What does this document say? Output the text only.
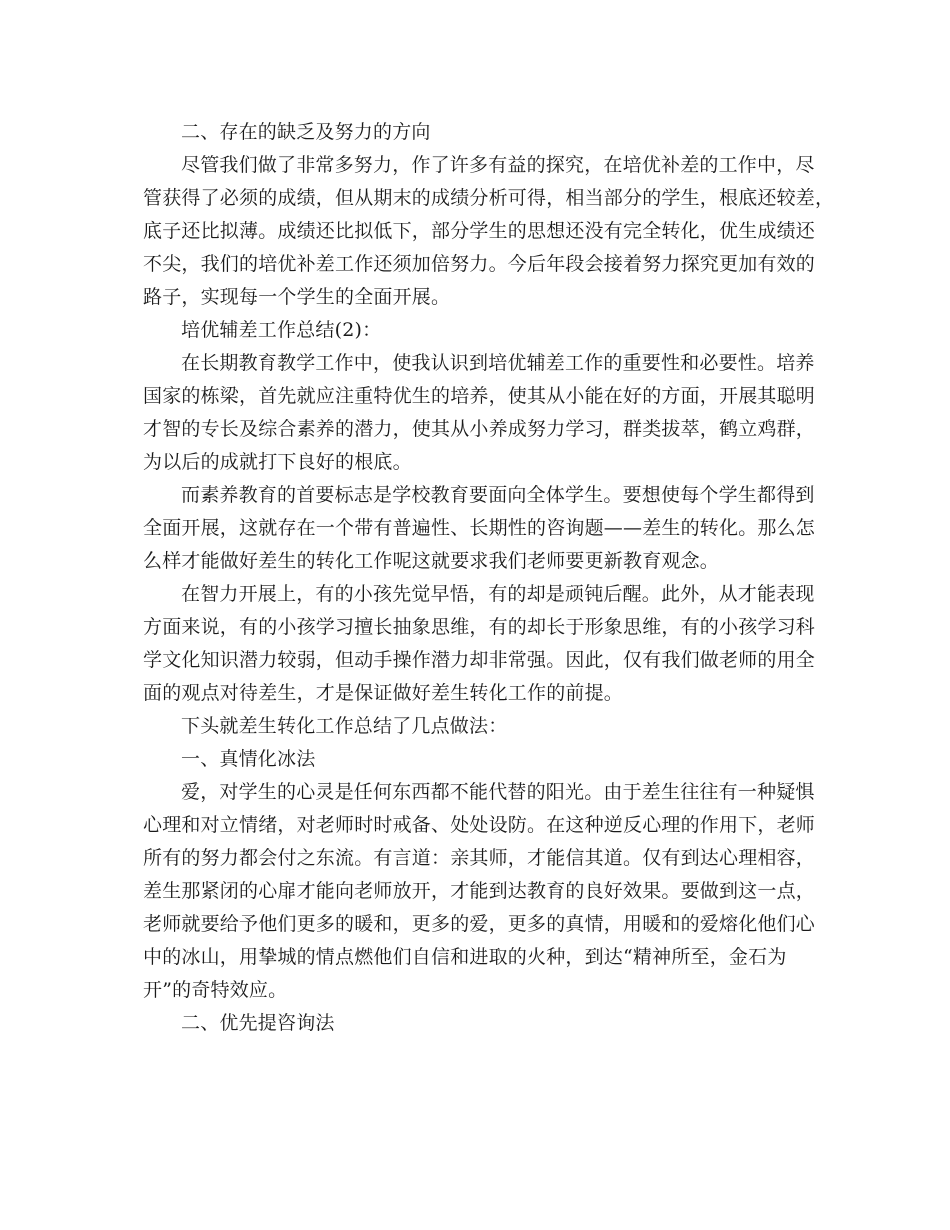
二、存在的缺乏及努力的方向
尽管我们做了非常多努力，作了许多有益的探究，在培优补差的工作中，尽
管获得了必须的成绩，但从期末的成绩分析可得，相当部分的学生，根底还较差，
底子还比拟薄。成绩还比拟低下，部分学生的思想还没有完全转化，优生成绩还
不尖，我们的培优补差工作还须加倍努力。今后年段会接着努力探究更加有效的
路子，实现每一个学生的全面开展。
培优辅差工作总结(2)：
在长期教育教学工作中，使我认识到培优辅差工作的重要性和必要性。培养
国家的栋梁，首先就应注重特优生的培养，使其从小能在好的方面，开展其聪明
才智的专长及综合素养的潜力，使其从小养成努力学习，群类拔萃，鹤立鸡群，
为以后的成就打下良好的根底。
而素养教育的首要标志是学校教育要面向全体学生。要想使每个学生都得到
全面开展，这就存在一个带有普遍性、长期性的咨询题——差生的转化。那么怎
么样才能做好差生的转化工作呢这就要求我们老师要更新教育观念。
在智力开展上，有的小孩先觉早悟，有的却是顽钝后醒。此外，从才能表现
方面来说，有的小孩学习擅长抽象思维，有的却长于形象思维，有的小孩学习科
学文化知识潜力较弱，但动手操作潜力却非常强。因此，仅有我们做老师的用全
面的观点对待差生，才是保证做好差生转化工作的前提。
下头就差生转化工作总结了几点做法：
一、真情化冰法
爱，对学生的心灵是任何东西都不能代替的阳光。由于差生往往有一种疑惧
心理和对立情绪，对老师时时戒备、处处设防。在这种逆反心理的作用下，老师
所有的努力都会付之东流。有言道：亲其师，才能信其道。仅有到达心理相容，
差生那紧闭的心扉才能向老师放开，才能到达教育的良好效果。要做到这一点，
老师就要给予他们更多的暖和，更多的爱，更多的真情，用暖和的爱熔化他们心
中的冰山，用挚城的情点燃他们自信和进取的火种，到达“精神所至，金石为
开”的奇特效应。
二、优先提咨询法
